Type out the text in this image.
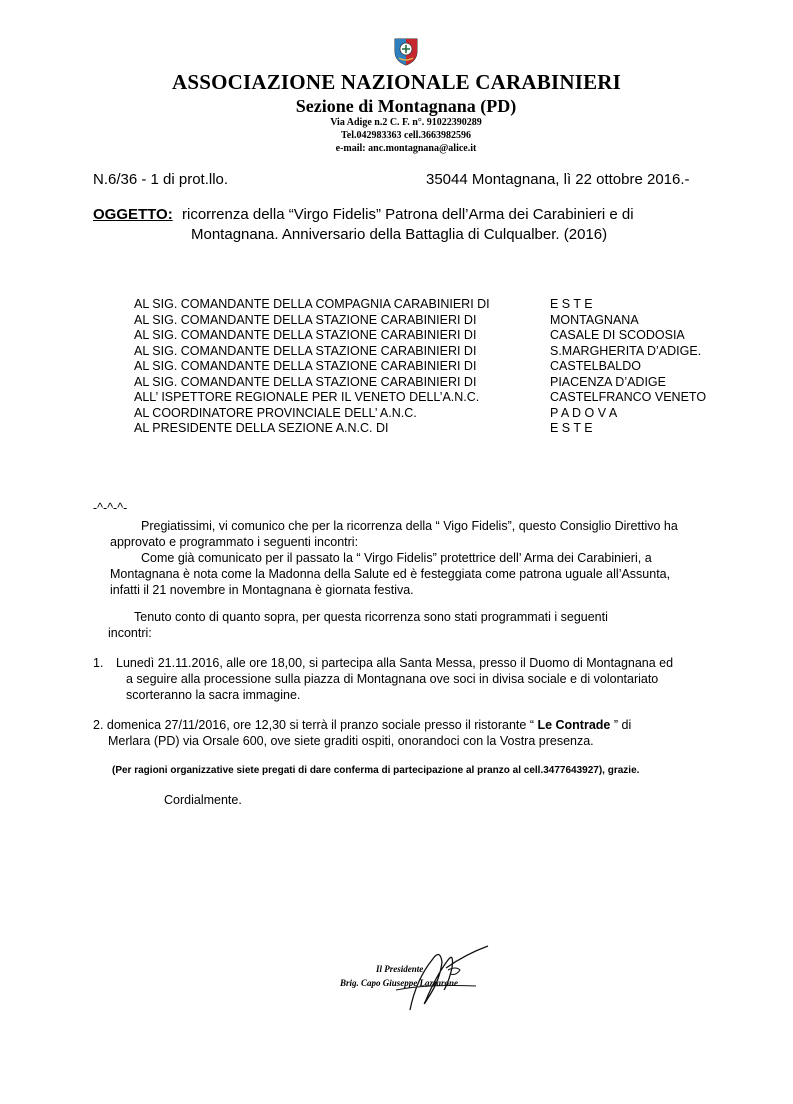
ASSOCIAZIONE NAZIONALE CARABINIERI
Sezione di Montagnana (PD)
Via Adige n.2 C. F. n°. 91022390289
Tel.042983363 cell.3663982596
e-mail: anc.montagnana@alice.it
N.6/36 - 1 di prot.llo.	35044 Montagnana, lì 22 ottobre 2016.-
OGGETTO: ricorrenza della “Virgo Fidelis” Patrona dell’Arma dei Carabinieri e di
Montagnana. Anniversario della Battaglia di Culqualber. (2016)
AL SIG. COMANDANTE DELLA COMPAGNIA CARABINIERI DI	E S T E
AL SIG. COMANDANTE DELLA STAZIONE CARABINIERI DI	MONTAGNANA
AL SIG. COMANDANTE DELLA STAZIONE CARABINIERI DI	CASALE DI SCODOSIA
AL SIG. COMANDANTE DELLA STAZIONE CARABINIERI DI	S.MARGHERITA D’ADIGE.
AL SIG. COMANDANTE DELLA STAZIONE CARABINIERI DI	CASTELBALDO
AL SIG. COMANDANTE DELLA STAZIONE CARABINIERI DI	PIACENZA D’ADIGE
ALL’ ISPETTORE REGIONALE PER IL VENETO DELL’A.N.C.	CASTELFRANCO VENETO
AL COORDINATORE PROVINCIALE DELL’ A.N.C.	P A D O V A
AL PRESIDENTE DELLA SEZIONE A.N.C. DI	E S T E
-^-^-^-
Pregiatissimi, vi comunico che per la ricorrenza della “ Vigo Fidelis”, questo Consiglio Direttivo ha
approvato e programmato i seguenti incontri:
Come già comunicato per il passato la “ Virgo Fidelis” protettrice dell’ Arma dei Carabinieri, a
Montagnana è nota come la Madonna della Salute ed è festeggiata come patrona uguale all’Assunta,
infatti il 21 novembre in Montagnana è giornata festiva.
Tenuto conto di quanto sopra, per questa ricorrenza sono stati programmati i seguenti
incontri:
1. Lunedì 21.11.2016, alle ore 18,00, si partecipa alla Santa Messa, presso il Duomo di Montagnana ed
a seguire alla processione sulla piazza di Montagnana ove soci in divisa sociale e di volontariato
scorteranno la sacra immagine.
2. domenica 27/11/2016, ore 12,30 si terrà il pranzo sociale presso il ristorante “ Le Contrade ” di
Merlara (PD) via Orsale 600, ove siete graditi ospiti, onorandoci con la Vostra presenza.
(Per ragioni organizzative siete pregati di dare conferma di partecipazione al pranzo al cell.3477643927), grazie.
Cordialmente.
Il Presidente
Brig. Capo Giuseppe Lazzarone
